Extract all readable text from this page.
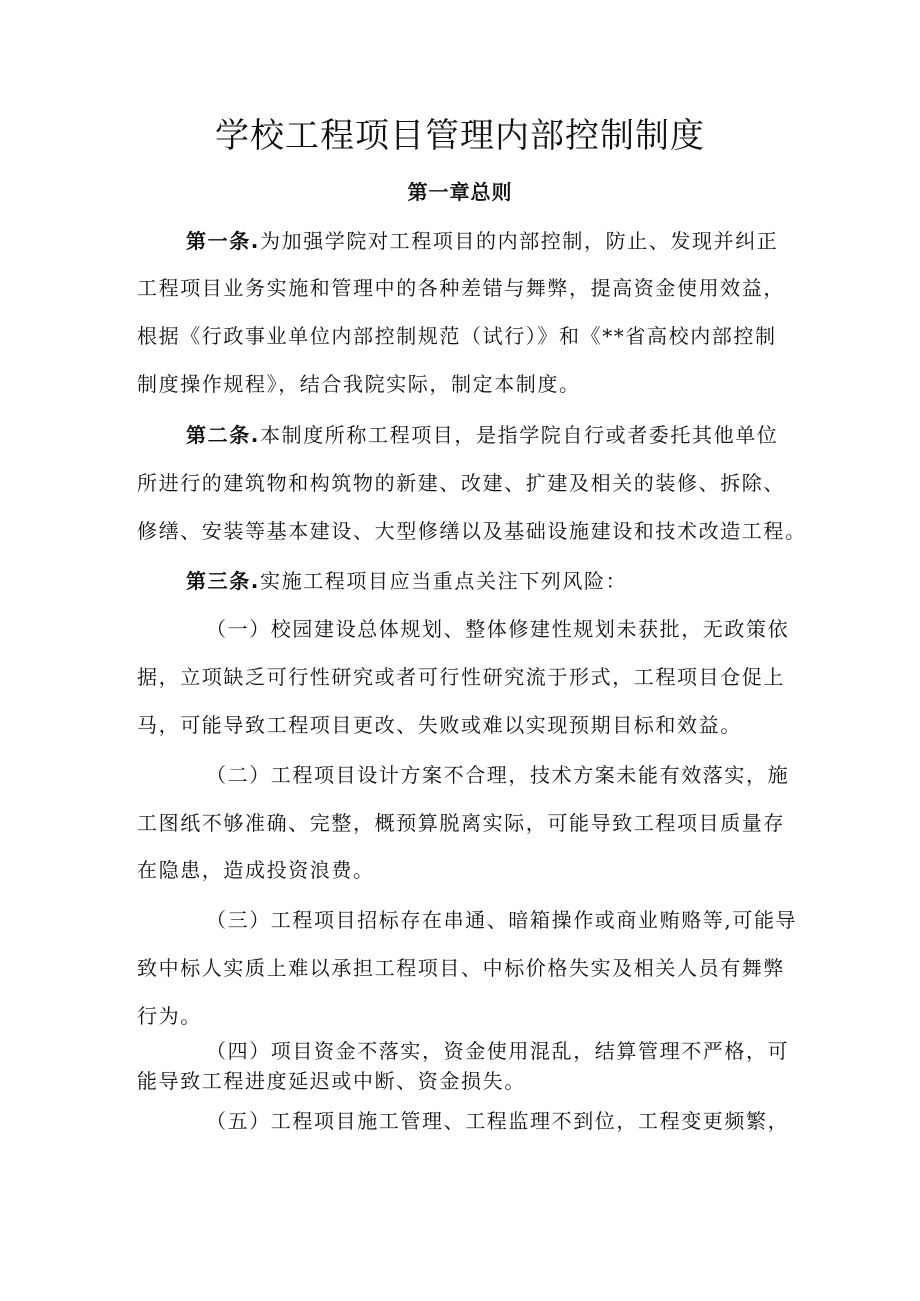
学校工程项目管理内部控制制度
第一章总则
第一条.为加强学院对工程项目的内部控制，防止、发现并纠正
工程项目业务实施和管理中的各种差错与舞弊，提高资金使用效益，
根据《行政事业单位内部控制规范（试行）》和《**省高校内部控制
制度操作规程》，结合我院实际，制定本制度。
第二条.本制度所称工程项目，是指学院自行或者委托其他单位
所进行的建筑物和构筑物的新建、改建、扩建及相关的装修、拆除、
修缮、安装等基本建设、大型修缮以及基础设施建设和技术改造工程。
第三条.实施工程项目应当重点关注下列风险：
（一）校园建设总体规划、整体修建性规划未获批，无政策依
据，立项缺乏可行性研究或者可行性研究流于形式，工程项目仓促上
马，可能导致工程项目更改、失败或难以实现预期目标和效益。
（二）工程项目设计方案不合理，技术方案未能有效落实，施
工图纸不够准确、完整，概预算脱离实际，可能导致工程项目质量存
在隐患，造成投资浪费。
（三）工程项目招标存在串通、暗箱操作或商业贿赂等,可能导
致中标人实质上难以承担工程项目、中标价格失实及相关人员有舞弊
行为。
（四）项目资金不落实，资金使用混乱，结算管理不严格，可
能导致工程进度延迟或中断、资金损失。
（五）工程项目施工管理、工程监理不到位，工程变更频繁，
